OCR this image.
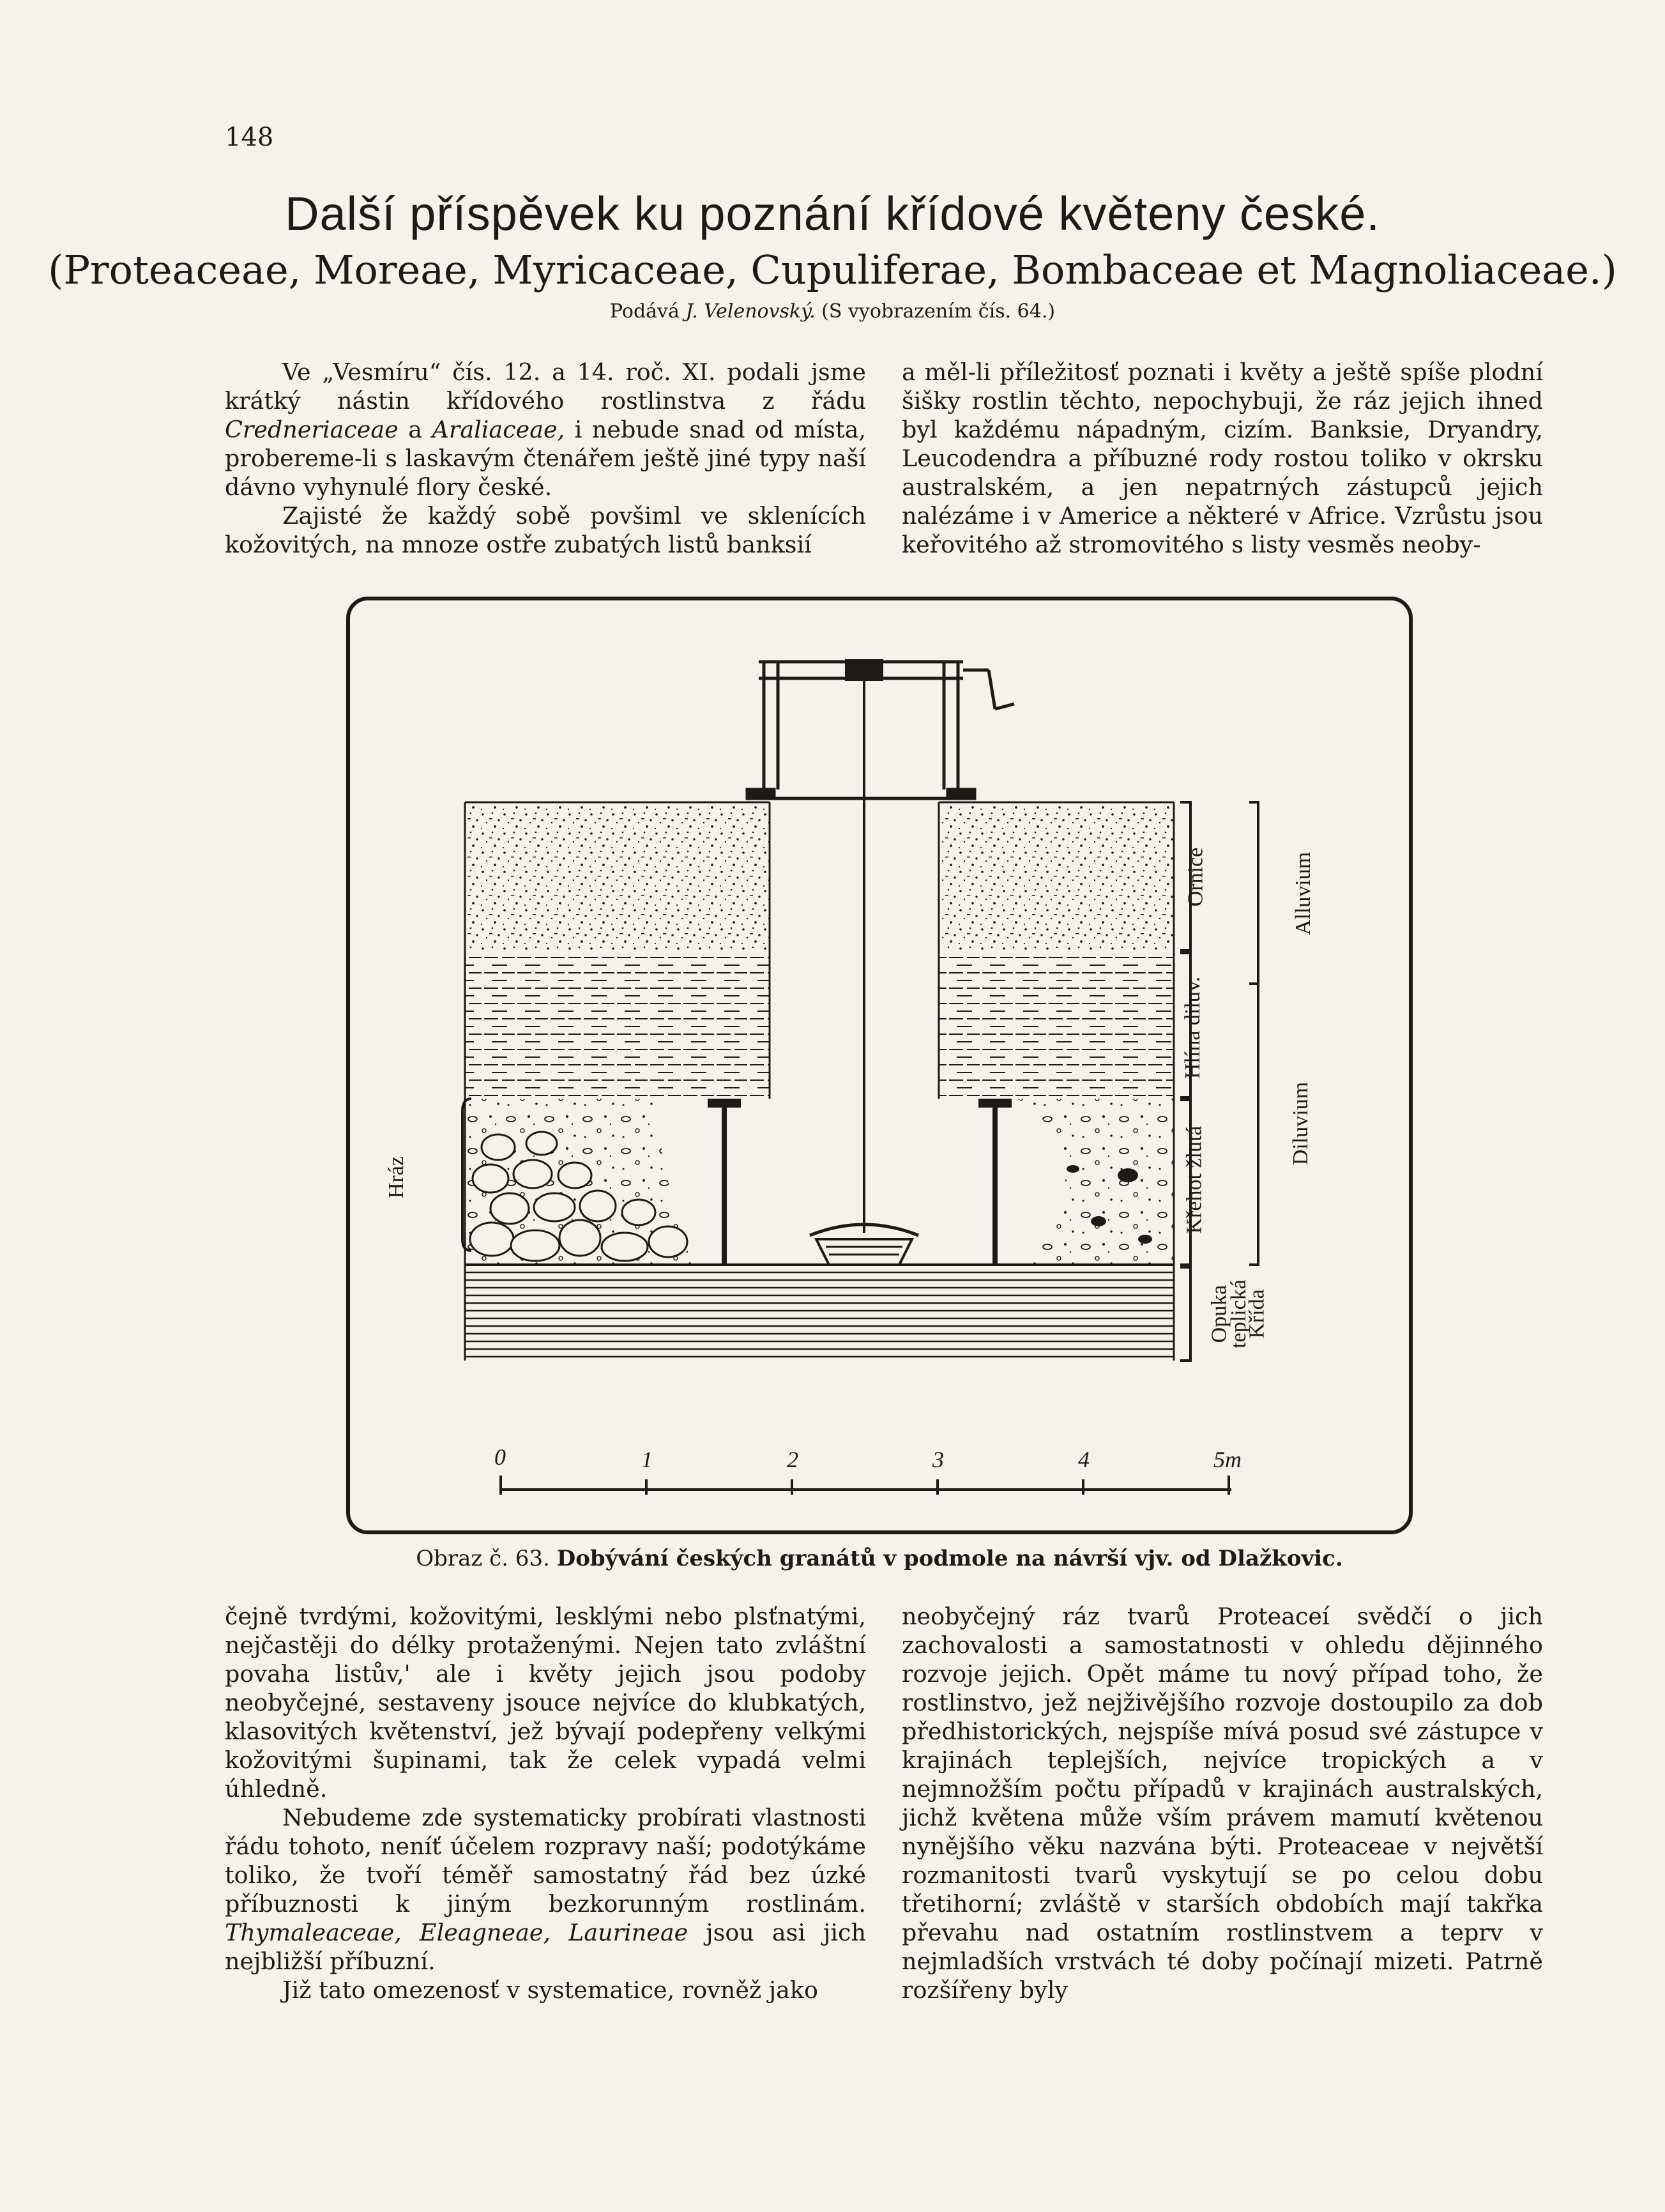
148
Další příspěvek ku poznání křídové květeny české.
(Proteaceae, Moreae, Myricaceae, Cupuliferae, Bombaceae et Magnoliaceae.)
Podává J. Velenovský. (S vyobrazením čís. 64.)

Ve „Vesmíru“ čís. 12. a 14. roč. XI. podali jsme krátký nástin křídového rostlinstva z řádu Credneriaceae a Araliaceae, i nebude snad od místa, probereme-li s laskavým čtenářem ještě jiné typy naší dávno vyhynulé flory české.

Zajisté že každý sobě povšiml ve sklenících kožovitých, na mnoze ostře zubatých listů banksií

a měl-li příležitosť poznati i květy a ještě spíše plodní šišky rostlin těchto, nepochybuji, že ráz jejich ihned byl každému nápadným, cizím. Banksie, Dryandry, Leucodendra a příbuzné rody rostou toliko v okrsku australském, a jen nepatrných zástupců jejich nalézáme i v Americe a některé v Africe. Vzrůstu jsou keřovitého až stromovitého s listy vesměs neoby-

Hráz
Ornice	Alluvium
Hlína diluv.
Diluvium
Křehot žlutá
Opuka
teplická
Křída
0	1	2	3	4	5m
Obraz č. 63. Dobývání českých granátů v podmole na návrší vjv. od Dlažkovic.

čejně tvrdými, kožovitými, lesklými nebo plsťnatými, nejčastěji do délky protaženými. Nejen tato zvláštní povaha listův,' ale i květy jejich jsou podoby neobyčejné, sestaveny jsouce nejvíce do klubkatých, klasovitých květenství, jež bývají podepřeny velkými kožovitými šupinami, tak že celek vypadá velmi úhledně.

Nebudeme zde systematicky probírati vlastnosti řádu tohoto, neníť účelem rozpravy naší; podotýkáme toliko, že tvoří téměř samostatný řád bez úzké příbuznosti k jiným bezkorunným rostlinám. Thymaleaceae, Eleagneae, Laurineae jsou asi jich nejbližší příbuzní.

Již tato omezenosť v systematice, rovněž jako

neobyčejný ráz tvarů Proteaceí svědčí o jich zachovalosti a samostatnosti v ohledu dějinného rozvoje jejich. Opět máme tu nový případ toho, že rostlinstvo, jež nejživějšího rozvoje dostoupilo za dob předhistorických, nejspíše mívá posud své zástupce v krajinách teplejších, nejvíce tropických a v nejmnožším počtu případů v krajinách australských, jichž květena může vším právem mamutí květenou nynějšího věku nazvána býti. Proteaceae v největší rozmanitosti tvarů vyskytují se po celou dobu třetihorní; zvláště v starších obdobích mají takřka převahu nad ostatním rostlinstvem a teprv v nejmladších vrstvách té doby počínají mizeti. Patrně rozšířeny byly
